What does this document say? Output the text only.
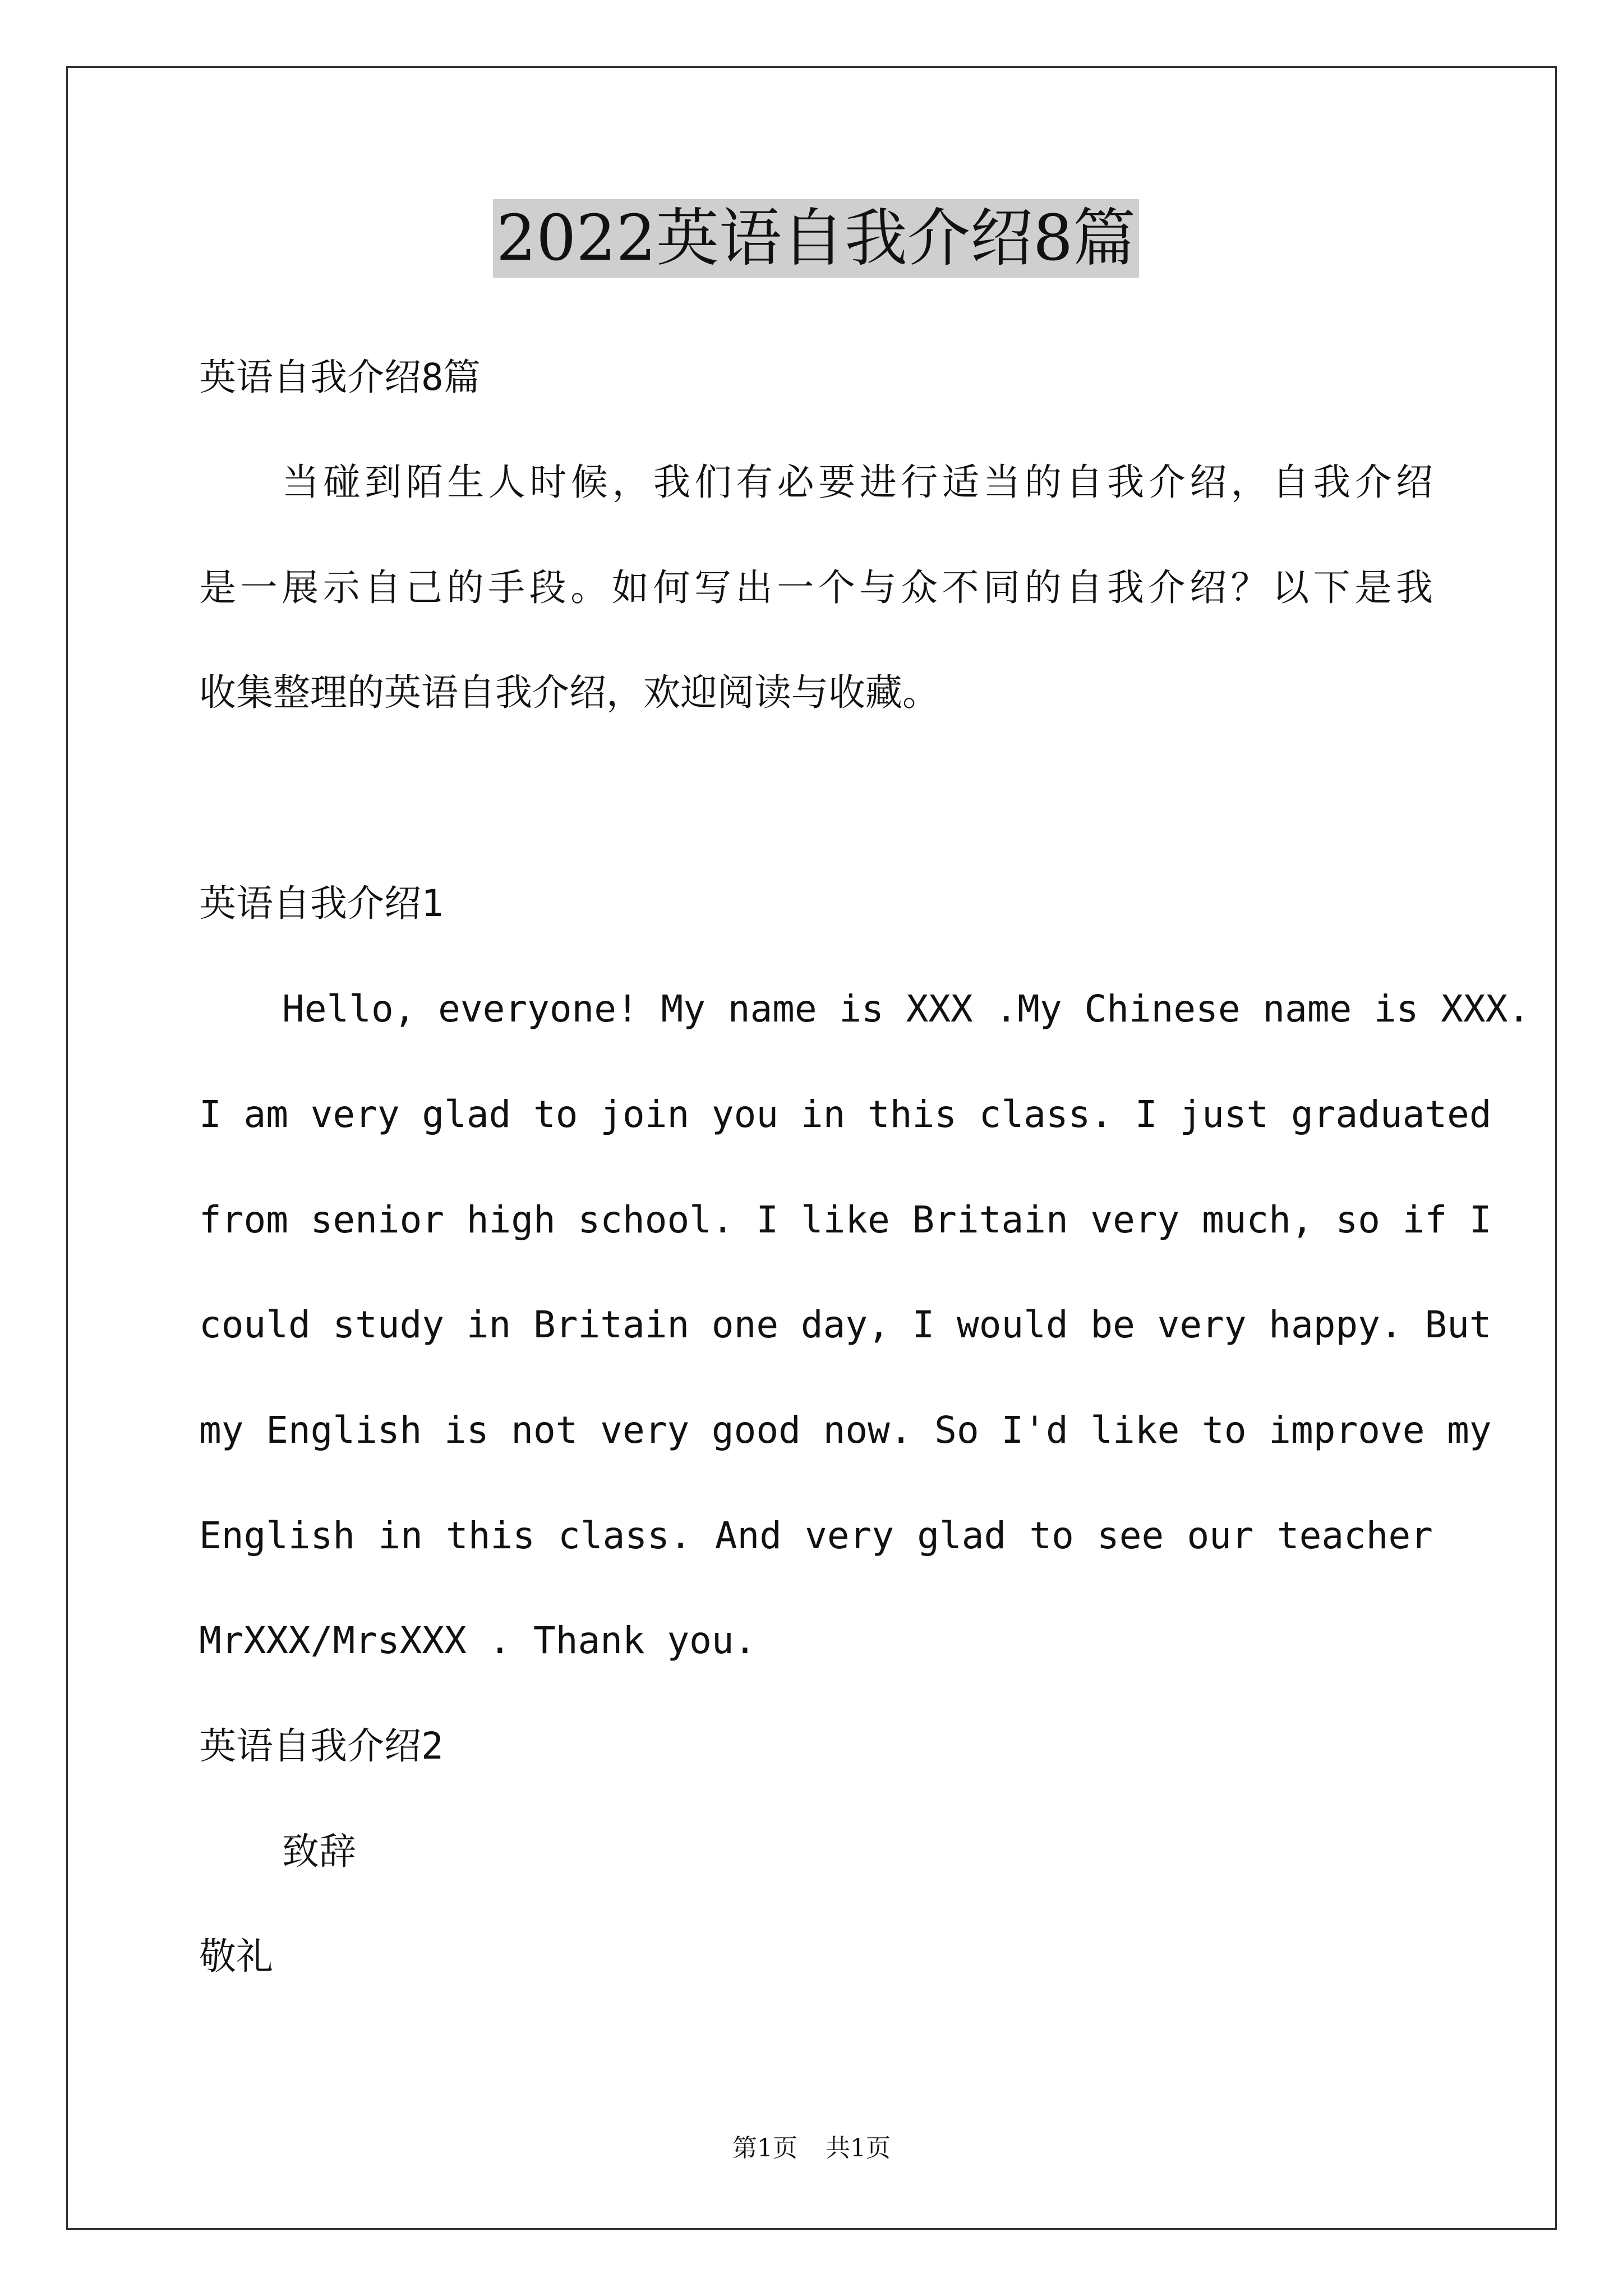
2022英语自我介绍8篇
英语自我介绍8篇
当碰到陌生人时候，我们有必要进行适当的自我介绍，自我介绍
是一展示自己的手段。如何写出一个与众不同的自我介绍？以下是我
收集整理的英语自我介绍，欢迎阅读与收藏。
英语自我介绍1
Hello, everyone! My name is XXX .My Chinese name is XXX.
I am very glad to join you in this class. I just graduated
from senior high school. I like Britain very much, so if I
could study in Britain one day, I would be very happy. But
my English is not very good now. So I'd like to improve my
English in this class. And very glad to see our teacher
MrXXX/MrsXXX . Thank you.
英语自我介绍2
致辞
敬礼
第1页 共1页
